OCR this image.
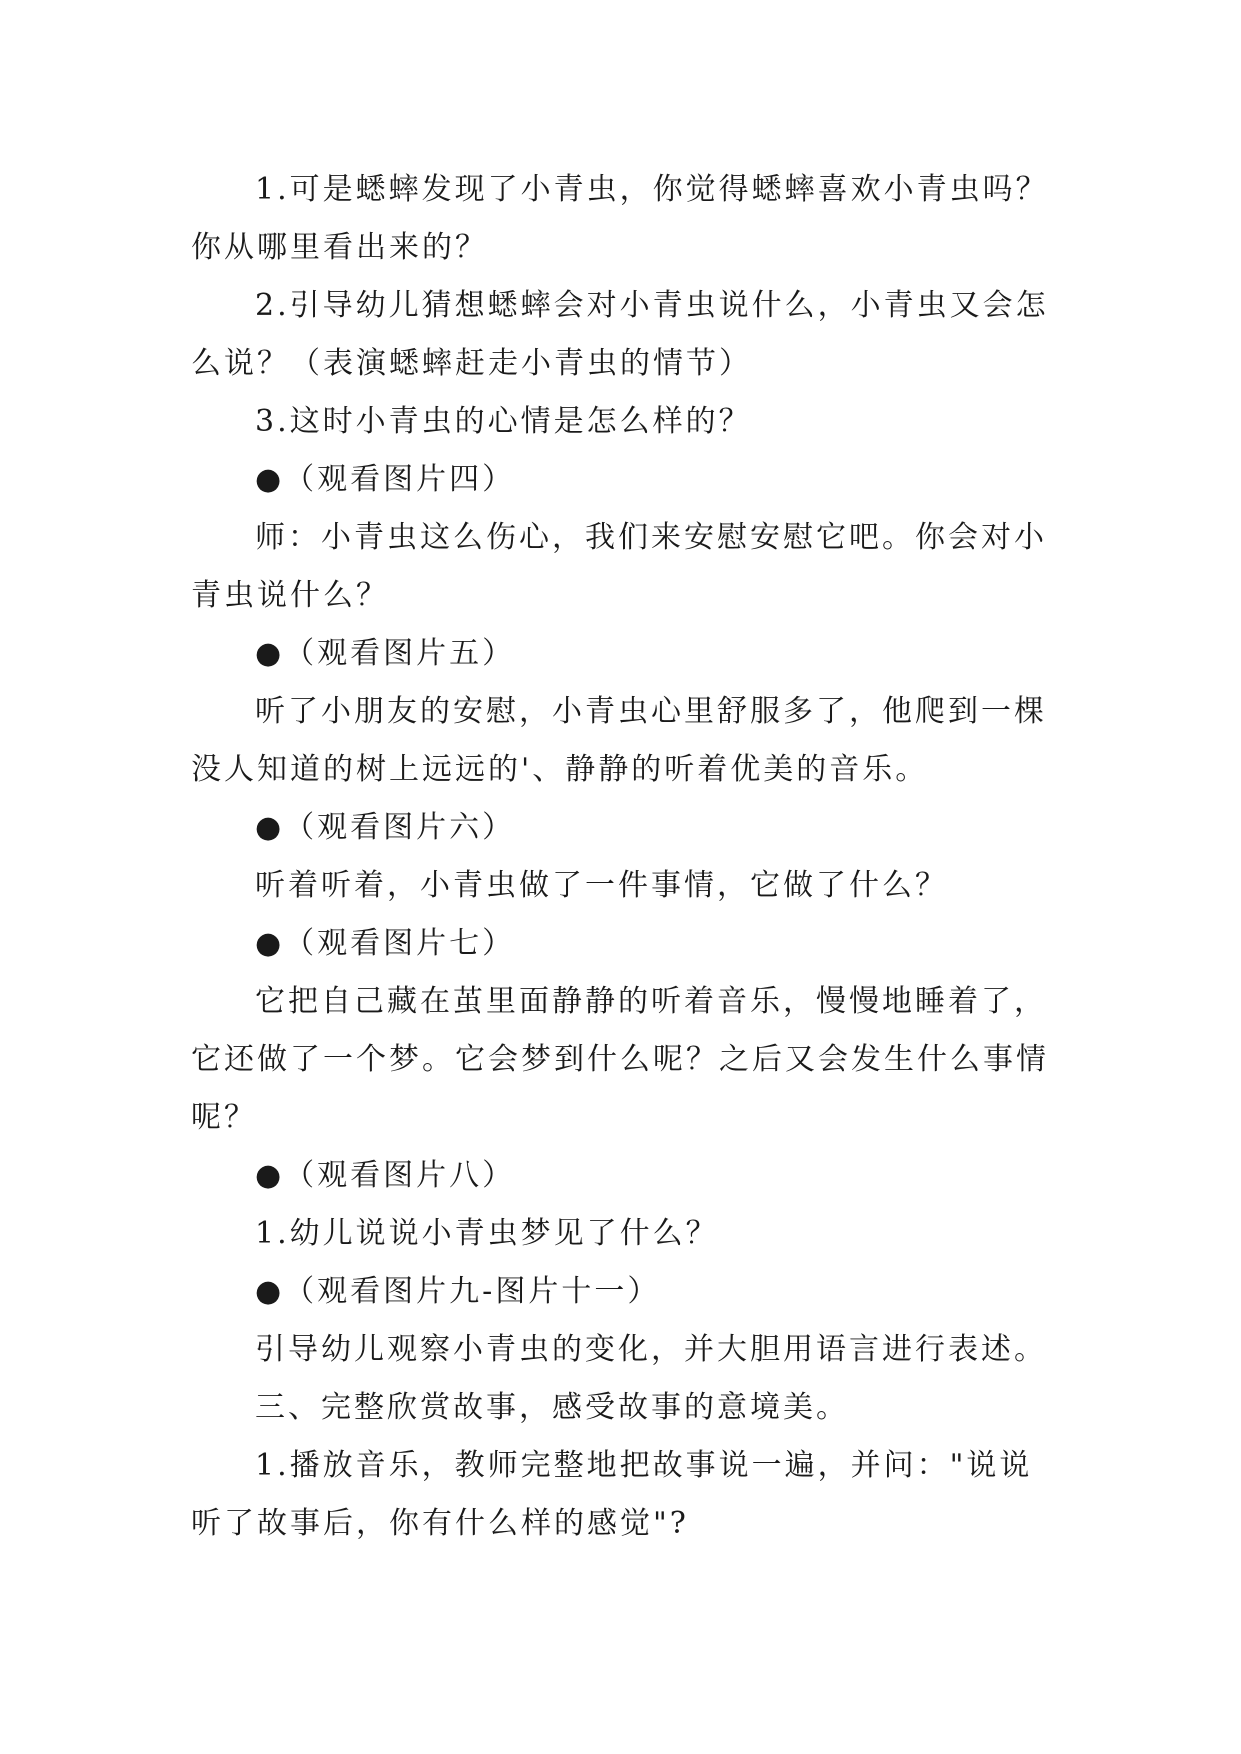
1.可是蟋蟀发现了小青虫，你觉得蟋蟀喜欢小青虫吗？

你从哪里看出来的？

2.引导幼儿猜想蟋蟀会对小青虫说什么，小青虫又会怎

么说？（表演蟋蟀赶走小青虫的情节）

3.这时小青虫的心情是怎么样的？

●（观看图片四）

师：小青虫这么伤心，我们来安慰安慰它吧。你会对小

青虫说什么？

●（观看图片五）

听了小朋友的安慰，小青虫心里舒服多了，他爬到一棵

没人知道的树上远远的'、静静的听着优美的音乐。

●（观看图片六）

听着听着，小青虫做了一件事情，它做了什么？

●（观看图片七）

它把自己藏在茧里面静静的听着音乐，慢慢地睡着了，

它还做了一个梦。它会梦到什么呢？之后又会发生什么事情

呢？

●（观看图片八）

1.幼儿说说小青虫梦见了什么？

●（观看图片九-图片十一）

引导幼儿观察小青虫的变化，并大胆用语言进行表述。

三、完整欣赏故事，感受故事的意境美。

1.播放音乐，教师完整地把故事说一遍，并问："说说

听了故事后，你有什么样的感觉"?
